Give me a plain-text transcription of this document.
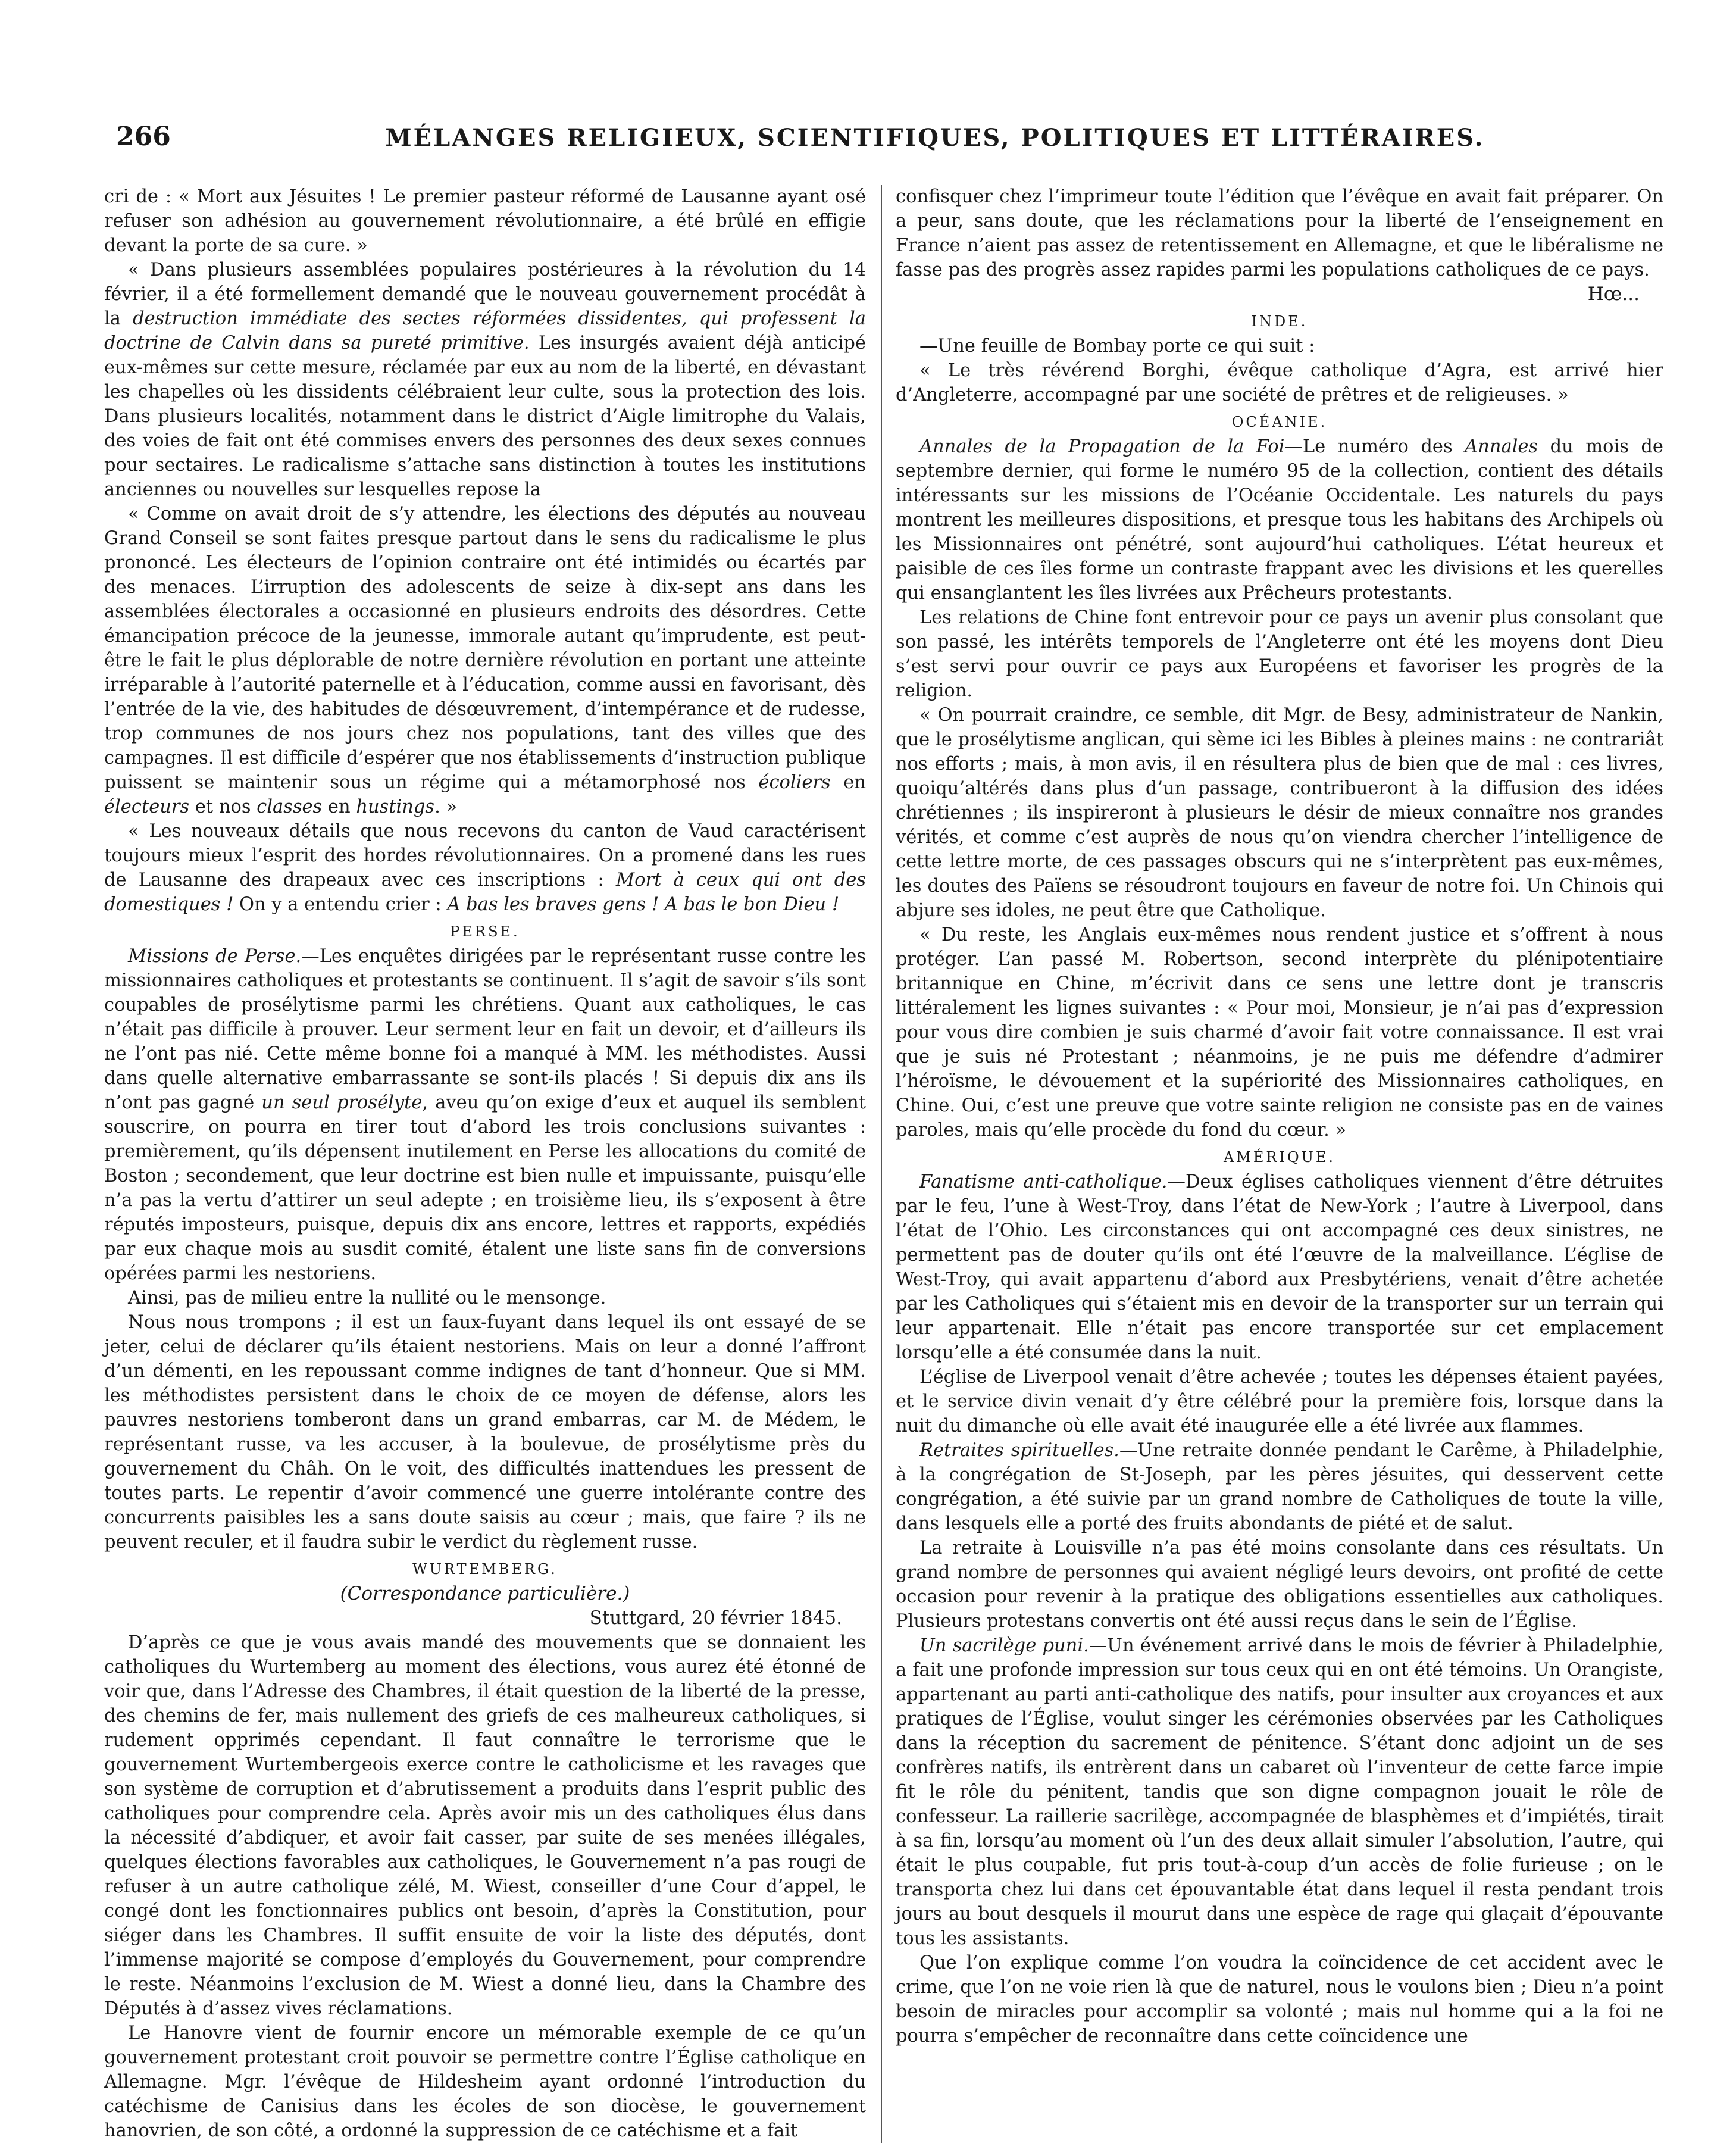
266	MÉLANGES RELIGIEUX, SCIENTIFIQUES, POLITIQUES ET LITTÉRAIRES.

cri de : « Mort aux Jésuites ! Le premier pasteur réformé de Lausanne ayant osé refuser son adhésion au gouvernement révolutionnaire, a été brûlé en effigie devant la porte de sa cure. »

« Dans plusieurs assemblées populaires postérieures à la révolution du 14 février, il a été formellement demandé que le nouveau gouvernement procédât à la destruction immédiate des sectes réformées dissidentes, qui professent la doctrine de Calvin dans sa pureté primitive. Les insurgés avaient déjà anticipé eux-mêmes sur cette mesure, réclamée par eux au nom de la liberté, en dévastant les chapelles où les dissidents célébraient leur culte, sous la protection des lois. Dans plusieurs localités, notamment dans le district d’Aigle limitrophe du Valais, des voies de fait ont été commises envers des personnes des deux sexes connues pour sectaires. Le radicalisme s’attache sans distinction à toutes les institutions anciennes ou nouvelles sur lesquelles repose la

« Comme on avait droit de s’y attendre, les élections des députés au nouveau Grand Conseil se sont faites presque partout dans le sens du radicalisme le plus prononcé. Les électeurs de l’opinion contraire ont été intimidés ou écartés par des menaces. L’irruption des adolescents de seize à dix-sept ans dans les assemblées électorales a occasionné en plusieurs endroits des désordres. Cette émancipation précoce de la jeunesse, immorale autant qu’imprudente, est peut-être le fait le plus déplorable de notre dernière révolution en portant une atteinte irréparable à l’autorité paternelle et à l’éducation, comme aussi en favorisant, dès l’entrée de la vie, des habitudes de désœuvrement, d’intempérance et de rudesse, trop communes de nos jours chez nos populations, tant des villes que des campagnes. Il est difficile d’espérer que nos établissements d’instruction publique puissent se maintenir sous un régime qui a métamorphosé nos écoliers en électeurs et nos classes en hustings. »

« Les nouveaux détails que nous recevons du canton de Vaud caractérisent toujours mieux l’esprit des hordes révolutionnaires. On a promené dans les rues de Lausanne des drapeaux avec ces inscriptions : Mort à ceux qui ont des domestiques ! On y a entendu crier : A bas les braves gens ! A bas le bon Dieu !

PERSE.

Missions de Perse.—Les enquêtes dirigées par le représentant russe contre les missionnaires catholiques et protestants se continuent. Il s’agit de savoir s’ils sont coupables de prosélytisme parmi les chrétiens. Quant aux catholiques, le cas n’était pas difficile à prouver. Leur serment leur en fait un devoir, et d’ailleurs ils ne l’ont pas nié. Cette même bonne foi a manqué à MM. les méthodistes. Aussi dans quelle alternative embarrassante se sont-ils placés ! Si depuis dix ans ils n’ont pas gagné un seul prosélyte, aveu qu’on exige d’eux et auquel ils semblent souscrire, on pourra en tirer tout d’abord les trois conclusions suivantes : premièrement, qu’ils dépensent inutilement en Perse les allocations du comité de Boston ; secondement, que leur doctrine est bien nulle et impuissante, puisqu’elle n’a pas la vertu d’attirer un seul adepte ; en troisième lieu, ils s’exposent à être réputés imposteurs, puisque, depuis dix ans encore, lettres et rapports, expédiés par eux chaque mois au susdit comité, étalent une liste sans fin de conversions opérées parmi les nestoriens.

Ainsi, pas de milieu entre la nullité ou le mensonge.

Nous nous trompons ; il est un faux-fuyant dans lequel ils ont essayé de se jeter, celui de déclarer qu’ils étaient nestoriens. Mais on leur a donné l’affront d’un démenti, en les repoussant comme indignes de tant d’honneur. Que si MM. les méthodistes persistent dans le choix de ce moyen de défense, alors les pauvres nestoriens tomberont dans un grand embarras, car M. de Médem, le représentant russe, va les accuser, à la boulevue, de prosélytisme près du gouvernement du Châh. On le voit, des difficultés inattendues les pressent de toutes parts. Le repentir d’avoir commencé une guerre intolérante contre des concurrents paisibles les a sans doute saisis au cœur ; mais, que faire ? ils ne peuvent reculer, et il faudra subir le verdict du règlement russe.

WURTEMBERG.
(Correspondance particulière.)
Stuttgard, 20 février 1845.

D’après ce que je vous avais mandé des mouvements que se donnaient les catholiques du Wurtemberg au moment des élections, vous aurez été étonné de voir que, dans l’Adresse des Chambres, il était question de la liberté de la presse, des chemins de fer, mais nullement des griefs de ces malheureux catholiques, si rudement opprimés cependant. Il faut connaître le terrorisme que le gouvernement Wurtembergeois exerce contre le catholicisme et les ravages que son système de corruption et d’abrutissement a produits dans l’esprit public des catholiques pour comprendre cela. Après avoir mis un des catholiques élus dans la nécessité d’abdiquer, et avoir fait casser, par suite de ses menées illégales, quelques élections favorables aux catholiques, le Gouvernement n’a pas rougi de refuser à un autre catholique zélé, M. Wiest, conseiller d’une Cour d’appel, le congé dont les fonctionnaires publics ont besoin, d’après la Constitution, pour siéger dans les Chambres. Il suffit ensuite de voir la liste des députés, dont l’immense majorité se compose d’employés du Gouvernement, pour comprendre le reste. Néanmoins l’exclusion de M. Wiest a donné lieu, dans la Chambre des Députés à d’assez vives réclamations.

Le Hanovre vient de fournir encore un mémorable exemple de ce qu’un gouvernement protestant croit pouvoir se permettre contre l’Église catholique en Allemagne. Mgr. l’évêque de Hildesheim ayant ordonné l’introduction du catéchisme de Canisius dans les écoles de son diocèse, le gouvernement hanovrien, de son côté, a ordonné la suppression de ce catéchisme et a fait

confisquer chez l’imprimeur toute l’édition que l’évêque en avait fait préparer. On a peur, sans doute, que les réclamations pour la liberté de l’enseignement en France n’aient pas assez de retentissement en Allemagne, et que le libéralisme ne fasse pas des progrès assez rapides parmi les populations catholiques de ce pays.

Hœ...
INDE.

—Une feuille de Bombay porte ce qui suit :

« Le très révérend Borghi, évêque catholique d’Agra, est arrivé hier d’Angleterre, accompagné par une société de prêtres et de religieuses. »

OCÉANIE.

Annales de la Propagation de la Foi—Le numéro des Annales du mois de septembre dernier, qui forme le numéro 95 de la collection, contient des détails intéressants sur les missions de l’Océanie Occidentale. Les naturels du pays montrent les meilleures dispositions, et presque tous les habitans des Archipels où les Missionnaires ont pénétré, sont aujourd’hui catholiques. L’état heureux et paisible de ces îles forme un contraste frappant avec les divisions et les querelles qui ensanglantent les îles livrées aux Prêcheurs protestants.

Les relations de Chine font entrevoir pour ce pays un avenir plus consolant que son passé, les intérêts temporels de l’Angleterre ont été les moyens dont Dieu s’est servi pour ouvrir ce pays aux Européens et favoriser les progrès de la religion.

« On pourrait craindre, ce semble, dit Mgr. de Besy, administrateur de Nankin, que le prosélytisme anglican, qui sème ici les Bibles à pleines mains : ne contrariât nos efforts ; mais, à mon avis, il en résultera plus de bien que de mal : ces livres, quoiqu’altérés dans plus d’un passage, contribueront à la diffusion des idées chrétiennes ; ils inspireront à plusieurs le désir de mieux connaître nos grandes vérités, et comme c’est auprès de nous qu’on viendra chercher l’intelligence de cette lettre morte, de ces passages obscurs qui ne s’interprètent pas eux-mêmes, les doutes des Païens se résoudront toujours en faveur de notre foi. Un Chinois qui abjure ses idoles, ne peut être que Catholique.

« Du reste, les Anglais eux-mêmes nous rendent justice et s’offrent à nous protéger. L’an passé M. Robertson, second interprète du plénipotentiaire britannique en Chine, m’écrivit dans ce sens une lettre dont je transcris littéralement les lignes suivantes : « Pour moi, Monsieur, je n’ai pas d’expression pour vous dire combien je suis charmé d’avoir fait votre connaissance. Il est vrai que je suis né Protestant ; néanmoins, je ne puis me défendre d’admirer l’héroïsme, le dévouement et la supériorité des Missionnaires catholiques, en Chine. Oui, c’est une preuve que votre sainte religion ne consiste pas en de vaines paroles, mais qu’elle procède du fond du cœur. »

AMÉRIQUE.

Fanatisme anti-catholique.—Deux églises catholiques viennent d’être détruites par le feu, l’une à West-Troy, dans l’état de New-York ; l’autre à Liverpool, dans l’état de l’Ohio. Les circonstances qui ont accompagné ces deux sinistres, ne permettent pas de douter qu’ils ont été l’œuvre de la malveillance. L’église de West-Troy, qui avait appartenu d’abord aux Presbytériens, venait d’être achetée par les Catholiques qui s’étaient mis en devoir de la transporter sur un terrain qui leur appartenait. Elle n’était pas encore transportée sur cet emplacement lorsqu’elle a été consumée dans la nuit.

L’église de Liverpool venait d’être achevée ; toutes les dépenses étaient payées, et le service divin venait d’y être célébré pour la première fois, lorsque dans la nuit du dimanche où elle avait été inaugurée elle a été livrée aux flammes.

Retraites spirituelles.—Une retraite donnée pendant le Carême, à Philadelphie, à la congrégation de St-Joseph, par les pères jésuites, qui desservent cette congrégation, a été suivie par un grand nombre de Catholiques de toute la ville, dans lesquels elle a porté des fruits abondants de piété et de salut.

La retraite à Louisville n’a pas été moins consolante dans ces résultats. Un grand nombre de personnes qui avaient négligé leurs devoirs, ont profité de cette occasion pour revenir à la pratique des obligations essentielles aux catholiques. Plusieurs protestans convertis ont été aussi reçus dans le sein de l’Église.

Un sacrilège puni.—Un événement arrivé dans le mois de février à Philadelphie, a fait une profonde impression sur tous ceux qui en ont été témoins. Un Orangiste, appartenant au parti anti-catholique des natifs, pour insulter aux croyances et aux pratiques de l’Église, voulut singer les cérémonies observées par les Catholiques dans la réception du sacrement de pénitence. S’étant donc adjoint un de ses confrères natifs, ils entrèrent dans un cabaret où l’inventeur de cette farce impie fit le rôle du pénitent, tandis que son digne compagnon jouait le rôle de confesseur. La raillerie sacrilège, accompagnée de blasphèmes et d’impiétés, tirait à sa fin, lorsqu’au moment où l’un des deux allait simuler l’absolution, l’autre, qui était le plus coupable, fut pris tout-à-coup d’un accès de folie furieuse ; on le transporta chez lui dans cet épouvantable état dans lequel il resta pendant trois jours au bout desquels il mourut dans une espèce de rage qui glaçait d’épouvante tous les assistants.

Que l’on explique comme l’on voudra la coïncidence de cet accident avec le crime, que l’on ne voie rien là que de naturel, nous le voulons bien ; Dieu n’a point besoin de miracles pour accomplir sa volonté ; mais nul homme qui a la foi ne pourra s’empêcher de reconnaître dans cette coïncidence une
